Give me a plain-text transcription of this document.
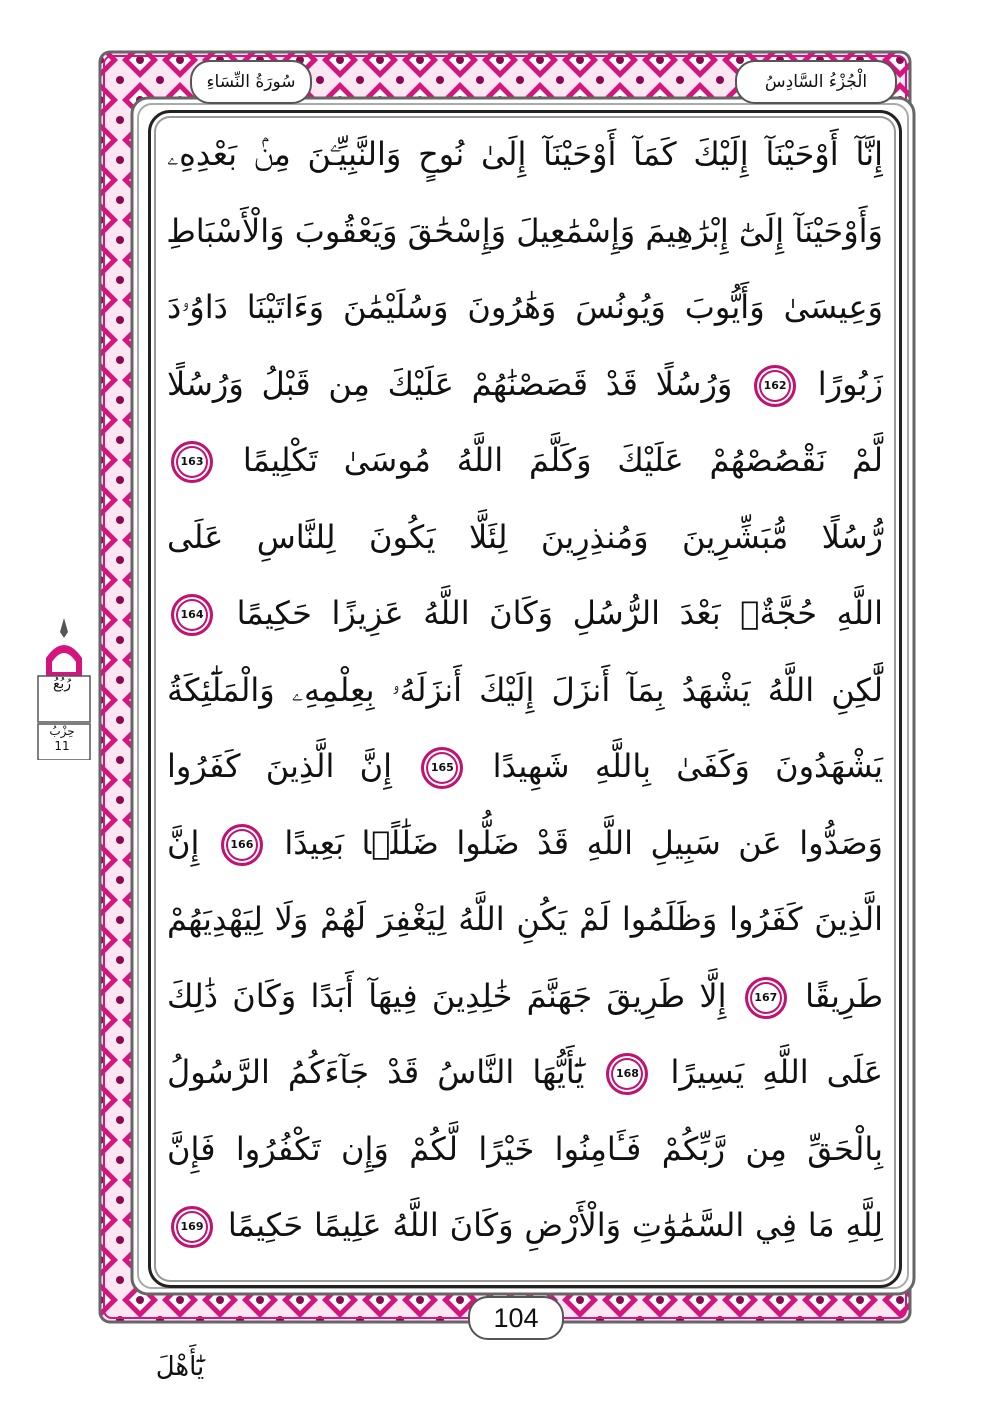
الْجُزْءُ السَّادِسُ
سُورَةُ النِّسَاءِ
رُبُعُ
حِزْبُ
11
إِنَّآ أَوْحَيْنَآ إِلَيْكَ كَمَآ أَوْحَيْنَآ إِلَىٰ نُوحٍ وَالنَّبِيِّـۧنَ مِنۢ بَعْدِهِۦ
وَأَوْحَيْنَآ إِلَىٰٓ إِبْرَٰهِيمَ وَإِسْمَٰعِيلَ وَإِسْحَٰقَ وَيَعْقُوبَ وَالْأَسْبَاطِ
وَعِيسَىٰ وَأَيُّوبَ وَيُونُسَ وَهَٰرُونَ وَسُلَيْمَٰنَ وَءَاتَيْنَا دَاوُۥدَ
زَبُورًا 162 وَرُسُلًا قَدْ قَصَصْنَٰهُمْ عَلَيْكَ مِن قَبْلُ وَرُسُلًا
لَّمْ نَقْصُصْهُمْ عَلَيْكَ وَكَلَّمَ اللَّهُ مُوسَىٰ تَكْلِيمًا 163
رُّسُلًا مُّبَشِّرِينَ وَمُنذِرِينَ لِئَلَّا يَكُونَ لِلنَّاسِ عَلَى
اللَّهِ حُجَّةٌۢ بَعْدَ الرُّسُلِ وَكَانَ اللَّهُ عَزِيزًا حَكِيمًا 164
لَّٰكِنِ اللَّهُ يَشْهَدُ بِمَآ أَنزَلَ إِلَيْكَ أَنزَلَهُۥ بِعِلْمِهِۦ وَالْمَلَٰٓئِكَةُ
يَشْهَدُونَ وَكَفَىٰ بِاللَّهِ شَهِيدًا 165 إِنَّ الَّذِينَ كَفَرُوا
وَصَدُّوا عَن سَبِيلِ اللَّهِ قَدْ ضَلُّوا ضَلَٰلًۢا بَعِيدًا 166 إِنَّ
الَّذِينَ كَفَرُوا وَظَلَمُوا لَمْ يَكُنِ اللَّهُ لِيَغْفِرَ لَهُمْ وَلَا لِيَهْدِيَهُمْ
طَرِيقًا 167 إِلَّا طَرِيقَ جَهَنَّمَ خَٰلِدِينَ فِيهَآ أَبَدًا وَكَانَ ذَٰلِكَ
عَلَى اللَّهِ يَسِيرًا 168 يَٰٓأَيُّهَا النَّاسُ قَدْ جَآءَكُمُ الرَّسُولُ
بِالْحَقِّ مِن رَّبِّكُمْ فَـَٔامِنُوا خَيْرًا لَّكُمْ وَإِن تَكْفُرُوا فَإِنَّ
لِلَّهِ مَا فِي السَّمَٰوَٰتِ وَالْأَرْضِ وَكَانَ اللَّهُ عَلِيمًا حَكِيمًا 169
104
يَٰٓأَهْلَ
